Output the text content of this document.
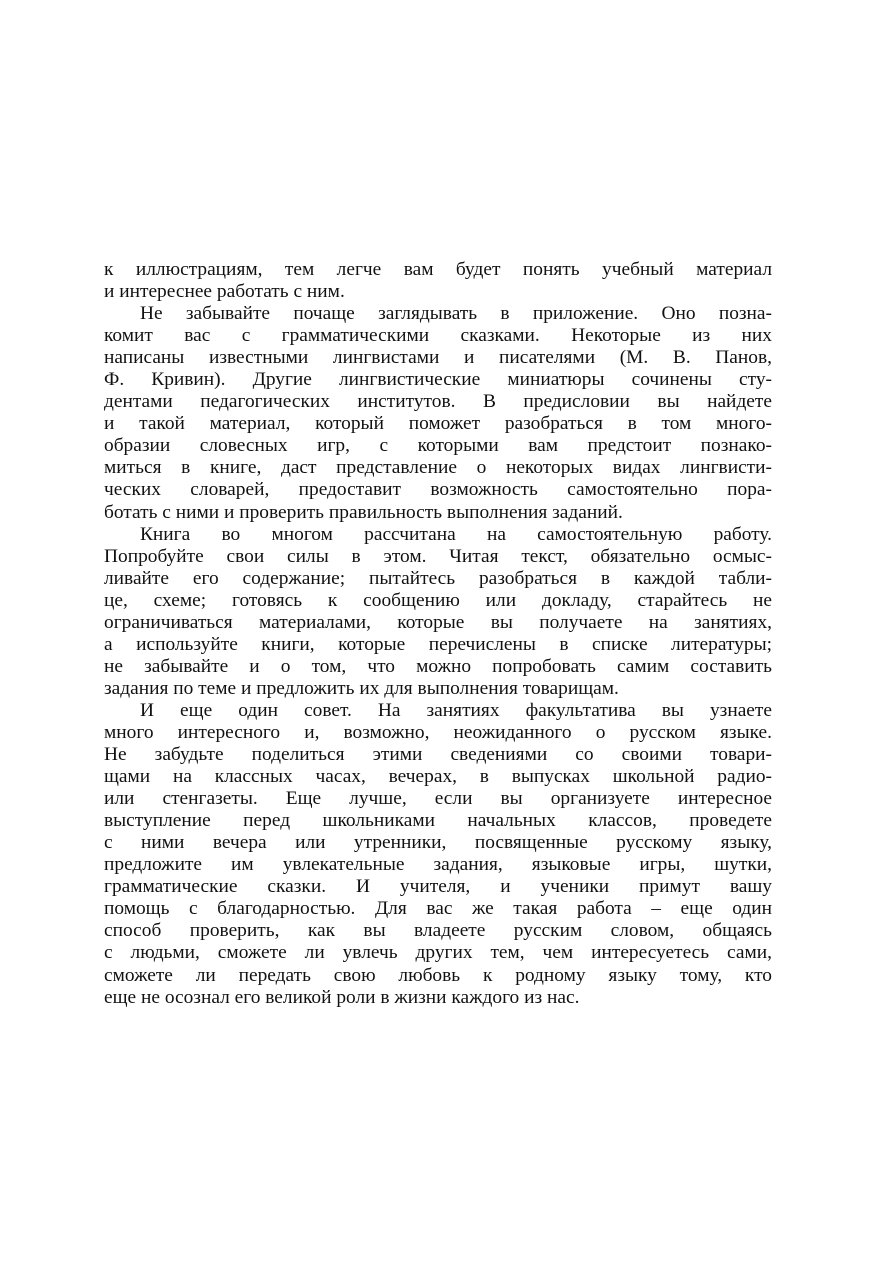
к иллюстрациям, тем легче вам будет понять учебный материал
и интереснее работать с ним.

Не забывайте почаще заглядывать в приложение. Оно позна-
комит вас с грамматическими сказками. Некоторые из них
написаны известными лингвистами и писателями (М. В. Панов,
Ф. Кривин). Другие лингвистические миниатюры сочинены сту-
дентами педагогических институтов. В предисловии вы найдете
и такой материал, который поможет разобраться в том много-
образии словесных игр, с которыми вам предстоит познако-
миться в книге, даст представление о некоторых видах лингвисти-
ческих словарей, предоставит возможность самостоятельно пора-
ботать с ними и проверить правильность выполнения заданий.

Книга во многом рассчитана на самостоятельную работу.
Попробуйте свои силы в этом. Читая текст, обязательно осмыс-
ливайте его содержание; пытайтесь разобраться в каждой табли-
це, схеме; готовясь к сообщению или докладу, старайтесь не
ограничиваться материалами, которые вы получаете на занятиях,
а используйте книги, которые перечислены в списке литературы;
не забывайте и о том, что можно попробовать самим составить
задания по теме и предложить их для выполнения товарищам.

И еще один совет. На занятиях факультатива вы узнаете
много интересного и, возможно, неожиданного о русском языке.
Не забудьте поделиться этими сведениями со своими товари-
щами на классных часах, вечерах, в выпусках школьной радио-
или стенгазеты. Еще лучше, если вы организуете интересное
выступление перед школьниками начальных классов, проведете
с ними вечера или утренники, посвященные русскому языку,
предложите им увлекательные задания, языковые игры, шутки,
грамматические сказки. И учителя, и ученики примут вашу
помощь с благодарностью. Для вас же такая работа – еще один
способ проверить, как вы владеете русским словом, общаясь
с людьми, сможете ли увлечь других тем, чем интересуетесь сами,
сможете ли передать свою любовь к родному языку тому, кто
еще не осознал его великой роли в жизни каждого из нас.
